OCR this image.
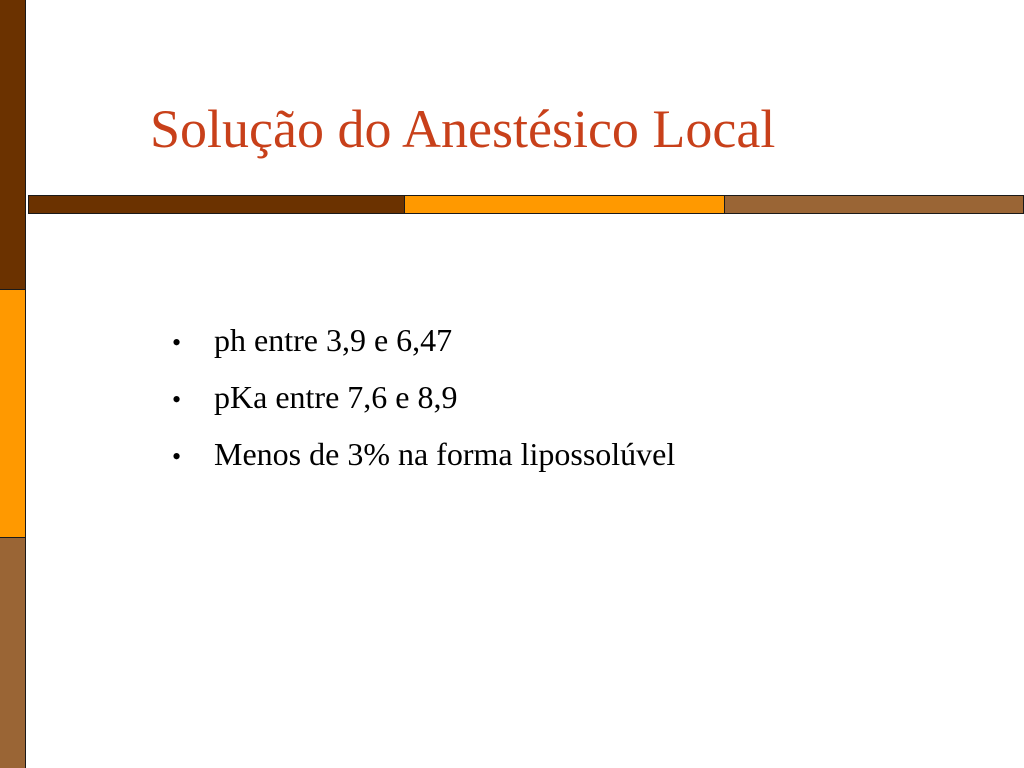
Solução do Anestésico Local
•	ph entre 3,9 e 6,47
•	pKa entre 7,6 e 8,9
•	Menos de 3% na forma lipossolúvel
